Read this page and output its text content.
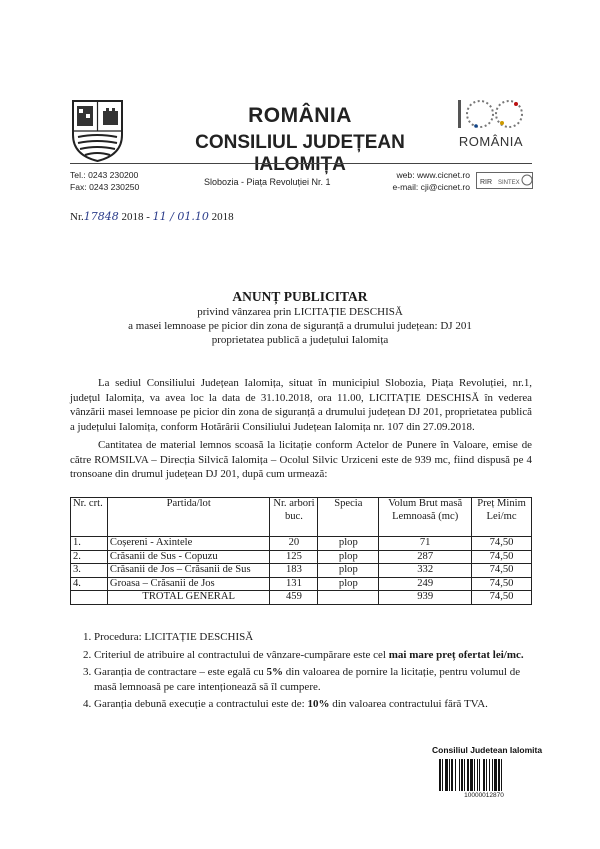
ROMÂNIA
CONSILIUL JUDEȚEAN IALOMIȚA
ROMÂNIA
Tel.: 0243 230200
Fax: 0243 230250	Slobozia - Piața Revoluției Nr. 1
web: www.cicnet.ro
e-mail: cji@cicnet.ro RIR SINTEX
Nr.17848 2018 - 11 / 01.10 2018
ANUNȚ PUBLICITAR
privind vânzarea prin LICITAȚIE DESCHISĂ
a masei lemnoase pe picior din zona de siguranță a drumului județean: DJ 201
proprietatea publică a județului Ialomița
La sediul Consiliului Județean Ialomița, situat în municipiul Slobozia, Piața Revoluției, nr.1, județul Ialomița, va avea loc la data de 31.10.2018, ora 11.00, LICITAȚIE DESCHISĂ în vederea vânzării masei lemnoase pe picior din zona de siguranță a drumului județean DJ 201, proprietatea publică a județului Ialomița, conform Hotărârii Consiliului Județean Ialomița nr. 107 din 27.09.2018.
Cantitatea de material lemnos scoasă la licitație conform Actelor de Punere în Valoare, emise de către ROMSILVA – Direcția Silvică Ialomița – Ocolul Silvic Urziceni este de 939 mc, fiind dispusă pe 4 tronsoane din drumul județean DJ 201, după cum urmează:
Nr. crt.	Partida/lot	Nr. arbori buc.	Specia	Volum Brut masă Lemnoasă (mc)	Preț Minim Lei/mc
1.	Coșereni - Axintele	20	plop	71	74,50
2.	Crăsanii de Sus - Copuzu	125	plop	287	74,50
3.	Crăsanii de Jos – Crăsanii de Sus	183	plop	332	74,50
4.	Groasa – Crăsanii de Jos	131	plop	249	74,50
	TROTAL GENERAL	459		939	74,50
1. Procedura: LICITAȚIE DESCHISĂ
2. Criteriul de atribuire al contractului de vânzare-cumpărare este cel mai mare preț ofertat lei/mc.
3. Garanția de contractare – este egală cu 5% din valoarea de pornire la licitație, pentru volumul de masă lemnoasă pe care intenționează să îl cumpere.
4. Garanția debună execuție a contractului este de: 10% din valoarea contractului fără TVA.
Consiliul Judetean Ialomita
10000012870
